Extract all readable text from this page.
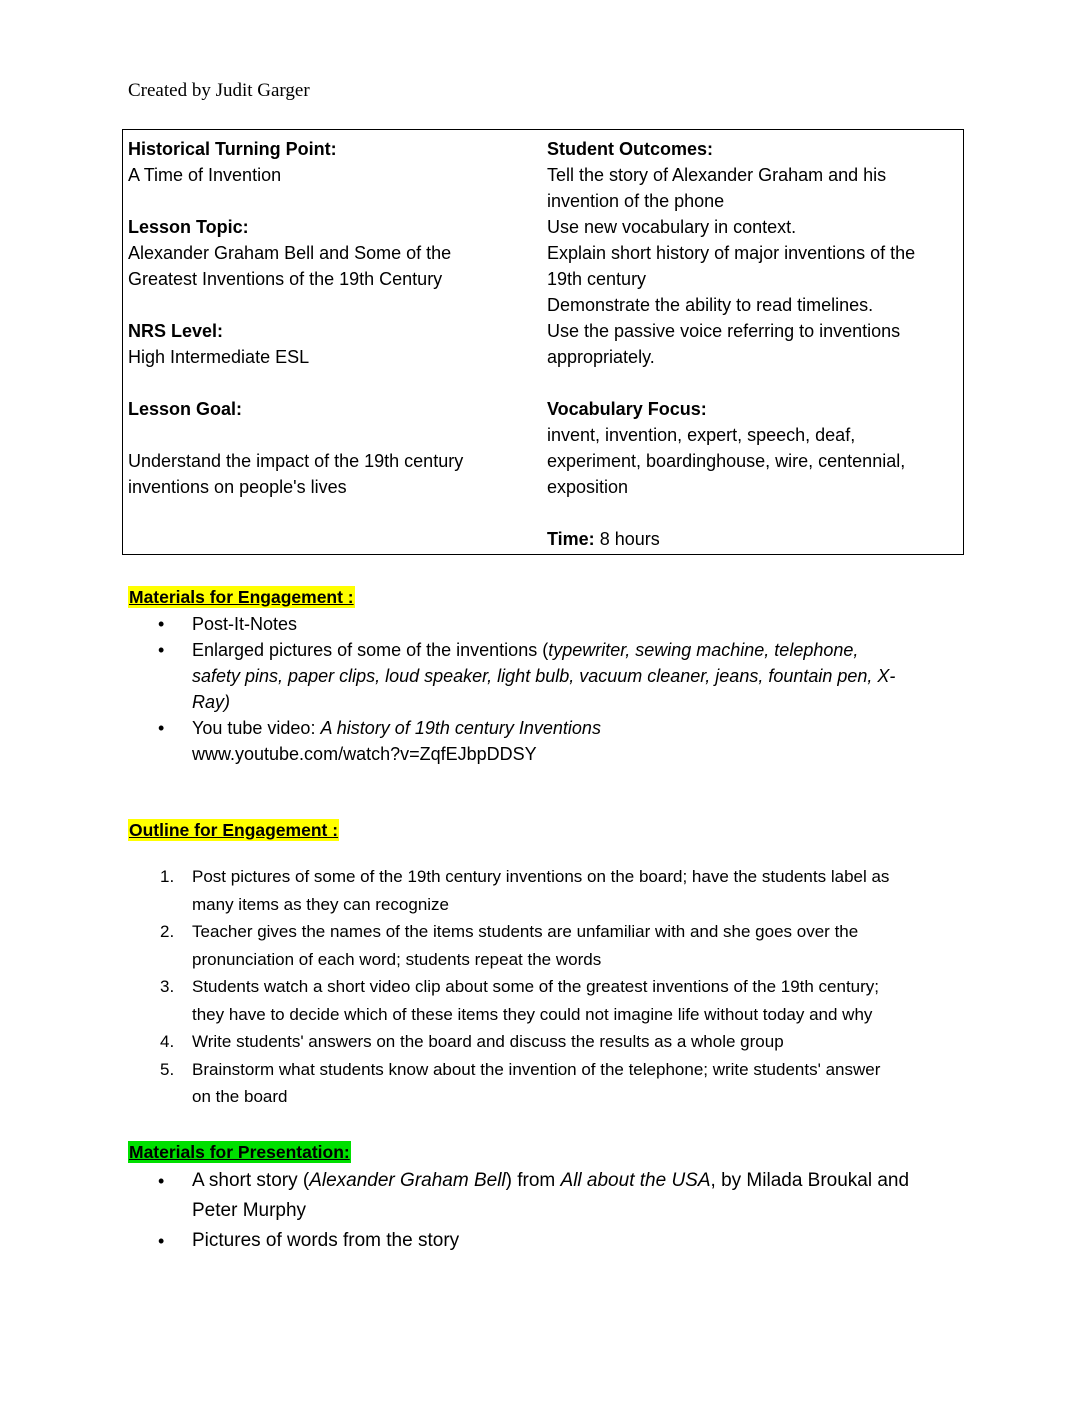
Created by Judit Garger
Historical Turning Point:
A Time of Invention
Lesson Topic:
Alexander Graham Bell and Some of the
Greatest Inventions of the 19th Century
NRS Level:
High Intermediate ESL
Lesson Goal:
Understand the impact of the 19th century
inventions on people's lives
Student Outcomes:
Tell the story of Alexander Graham and his
invention of the phone
Use new vocabulary in context.
Explain short history of major inventions of the
19th century
Demonstrate the ability to read timelines.
Use the passive voice referring to inventions
appropriately.
Vocabulary Focus:
invent, invention, expert, speech, deaf,
experiment, boardinghouse, wire, centennial,
exposition
Time: 8 hours
Materials for Engagement :
• Post-It-Notes
• Enlarged pictures of some of the inventions (typewriter, sewing machine, telephone,
safety pins, paper clips, loud speaker, light bulb, vacuum cleaner, jeans, fountain pen, X-
Ray)
• You tube video: A history of 19th century Inventions
www.youtube.com/watch?v=ZqfEJbpDDSY
Outline for Engagement :
1. Post pictures of some of the 19th century inventions on the board; have the students label as
many items as they can recognize
2. Teacher gives the names of the items students are unfamiliar with and she goes over the
pronunciation of each word; students repeat the words
3. Students watch a short video clip about some of the greatest inventions of the 19th century;
they have to decide which of these items they could not imagine life without today and why
4. Write students' answers on the board and discuss the results as a whole group
5. Brainstorm what students know about the invention of the telephone; write students' answer
on the board
Materials for Presentation:
• A short story (Alexander Graham Bell) from All about the USA, by Milada Broukal and
Peter Murphy
• Pictures of words from the story
